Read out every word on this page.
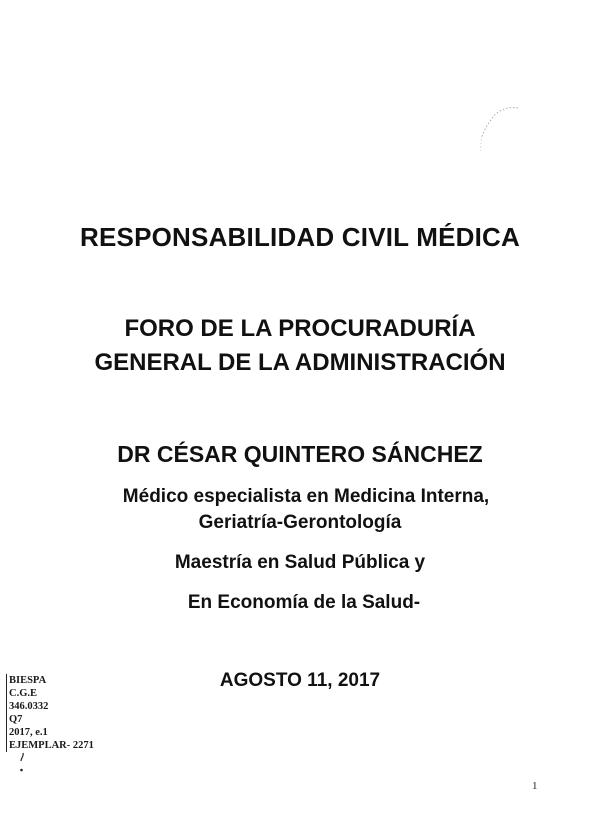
RESPONSABILIDAD CIVIL MÉDICA
FORO DE LA PROCURADURÍA
GENERAL DE LA ADMINISTRACIÓN
DR CÉSAR QUINTERO SÁNCHEZ
Médico especialista en Medicina Interna,
Geriatría-Gerontología
Maestría en Salud Pública y
En Economía de la Salud-
AGOSTO 11, 2017
BIESPA
C.G.E
346.0332
Q7
2017, e.1
EJEMPLAR- 2271
1
